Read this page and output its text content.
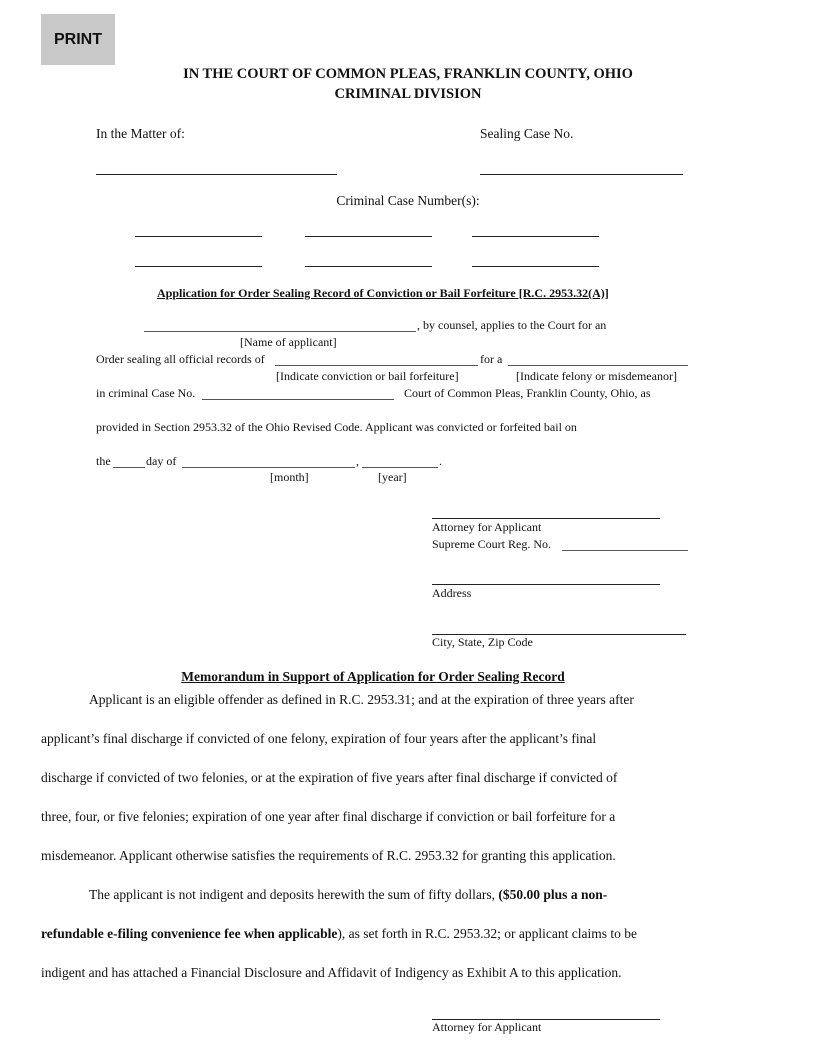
PRINT
IN THE COURT OF COMMON PLEAS, FRANKLIN COUNTY, OHIO
CRIMINAL DIVISION
In the Matter of:	Sealing Case No.
Criminal Case Number(s):
Application for Order Sealing Record of Conviction or Bail Forfeiture [R.C. 2953.32(A)]
, by counsel, applies to the Court for an
[Name of applicant]
Order sealing all official records of	for a
[Indicate conviction or bail forfeiture]	[Indicate felony or misdemeanor]
in criminal Case No.	Court of Common Pleas, Franklin County, Ohio, as
provided in Section 2953.32 of the Ohio Revised Code. Applicant was convicted or forfeited bail on
the	day of	,	.
[month]	[year]
Attorney for Applicant
Supreme Court Reg. No.
Address
City, State, Zip Code
Memorandum in Support of Application for Order Sealing Record
Applicant is an eligible offender as defined in R.C. 2953.31; and at the expiration of three years after
applicant’s final discharge if convicted of one felony, expiration of four years after the applicant’s final
discharge if convicted of two felonies, or at the expiration of five years after final discharge if convicted of
three, four, or five felonies; expiration of one year after final discharge if conviction or bail forfeiture for a
misdemeanor. Applicant otherwise satisfies the requirements of R.C. 2953.32 for granting this application.
The applicant is not indigent and deposits herewith the sum of fifty dollars, ($50.00 plus a non-
refundable e-filing convenience fee when applicable), as set forth in R.C. 2953.32; or applicant claims to be
indigent and has attached a Financial Disclosure and Affidavit of Indigency as Exhibit A to this application.
Attorney for Applicant
